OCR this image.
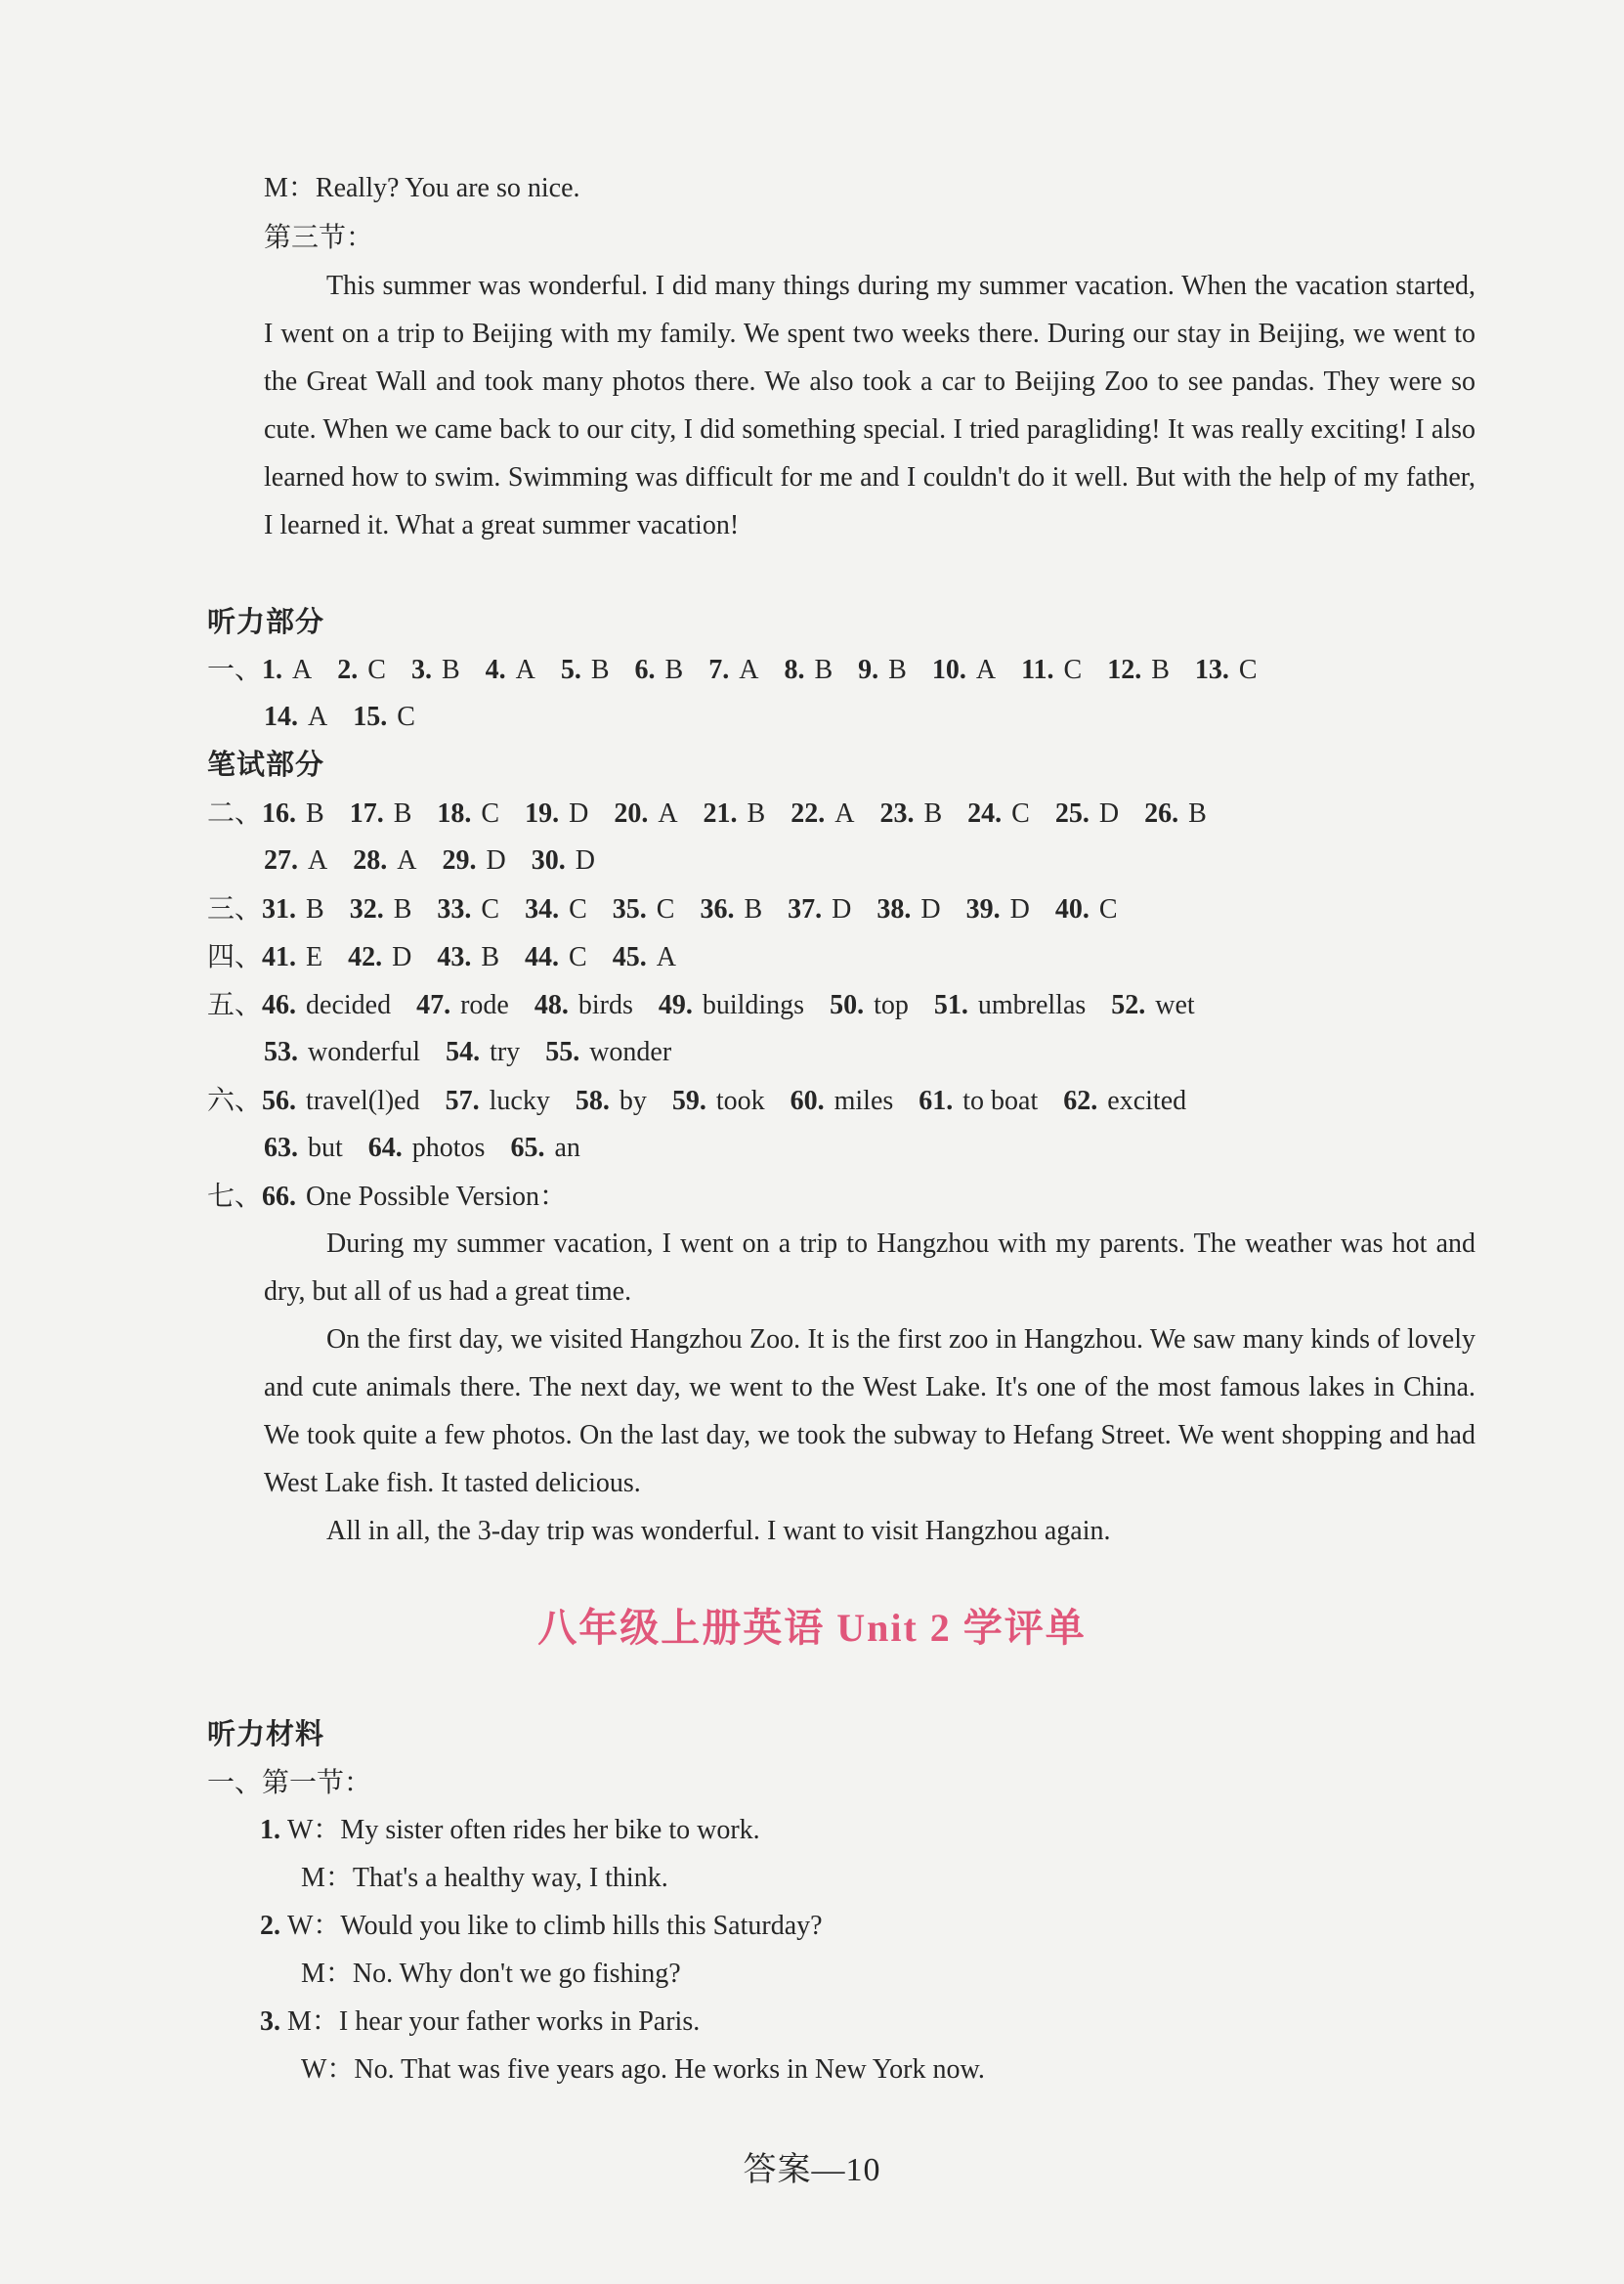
M：Really? You are so nice.
第三节：
This summer was wonderful. I did many things during my summer vacation. When the vacation started, I went on a trip to Beijing with my family. We spent two weeks there. During our stay in Beijing, we went to the Great Wall and took many photos there. We also took a car to Beijing Zoo to see pandas. They were so cute. When we came back to our city, I did something special. I tried paragliding! It was really exciting! I also learned how to swim. Swimming was difficult for me and I couldn't do it well. But with the help of my father, I learned it. What a great summer vacation!
听力部分
一、1. A 2. C 3. B 4. A 5. B 6. B 7. A 8. B 9. B 10. A 11. C 12. B 13. C
14. A 15. C
笔试部分
二、16. B 17. B 18. C 19. D 20. A 21. B 22. A 23. B 24. C 25. D 26. B
27. A 28. A 29. D 30. D
三、31. B 32. B 33. C 34. C 35. C 36. B 37. D 38. D 39. D 40. C
四、41. E 42. D 43. B 44. C 45. A
五、46. decided 47. rode 48. birds 49. buildings 50. top 51. umbrellas 52. wet
53. wonderful 54. try 55. wonder
六、56. travel(l)ed 57. lucky 58. by 59. took 60. miles 61. to boat 62. excited
63. but 64. photos 65. an
七、66. One Possible Version：
During my summer vacation, I went on a trip to Hangzhou with my parents. The weather was hot and dry, but all of us had a great time.
On the first day, we visited Hangzhou Zoo. It is the first zoo in Hangzhou. We saw many kinds of lovely and cute animals there. The next day, we went to the West Lake. It's one of the most famous lakes in China. We took quite a few photos. On the last day, we took the subway to Hefang Street. We went shopping and had West Lake fish. It tasted delicious.
All in all, the 3-day trip was wonderful. I want to visit Hangzhou again.
八年级上册英语 Unit 2 学评单
听力材料
一、第一节：
1. W：My sister often rides her bike to work.
M：That's a healthy way, I think.
2. W：Would you like to climb hills this Saturday?
M：No. Why don't we go fishing?
3. M：I hear your father works in Paris.
W：No. That was five years ago. He works in New York now.
答案—10
